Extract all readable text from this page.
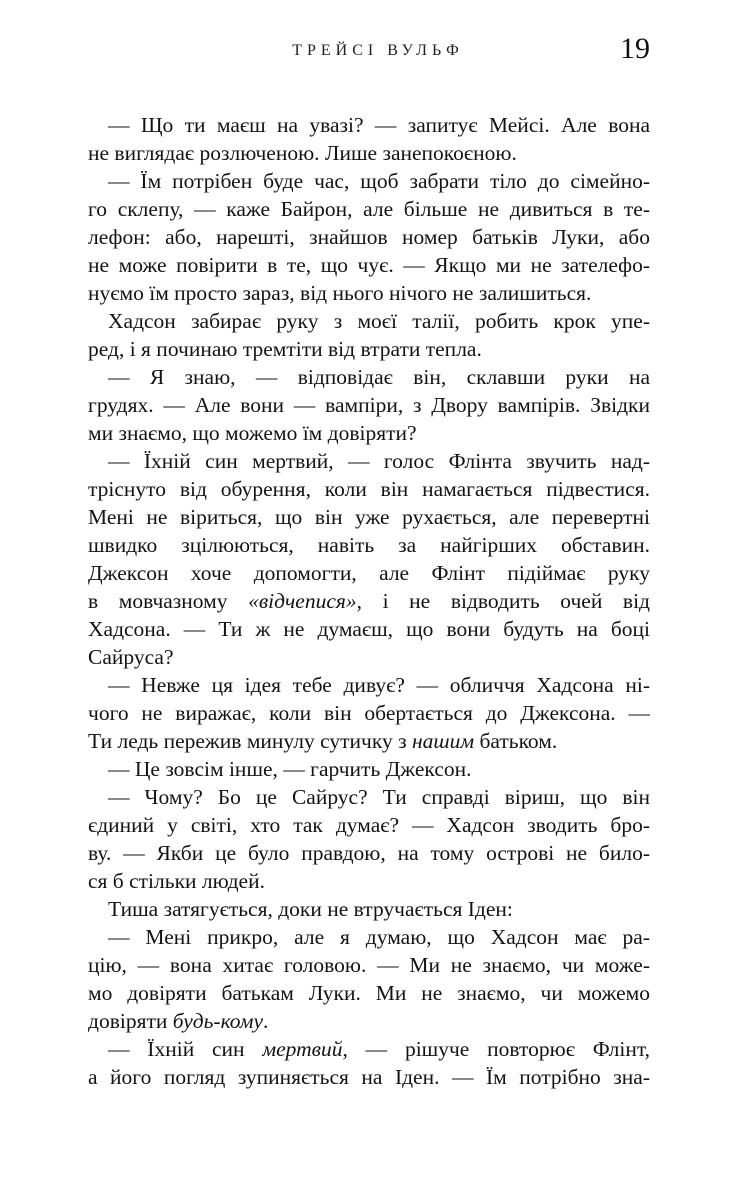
ТРЕЙСІ ВУЛЬФ	19
— Що ти маєш на увазі? — запитує Мейсі. Але вона
не виглядає розлюченою. Лише занепокоєною.
— Їм потрібен буде час, щоб забрати тіло до сімейно-
го склепу, — каже Байрон, але більше не дивиться в те-
лефон: або, нарешті, знайшов номер батьків Луки, або
не може повірити в те, що чує. — Якщо ми не зателефо-
нуємо їм просто зараз, від нього нічого не залишиться.
Хадсон забирає руку з моєї талії, робить крок упе-
ред, і я починаю тремтіти від втрати тепла.
— Я знаю, — відповідає він, склавши руки на
грудях. — Але вони — вампіри, з Двору вампірів. Звідки
ми знаємо, що можемо їм довіряти?
— Їхній син мертвий, — голос Флінта звучить над-
тріснуто від обурення, коли він намагається підвестися.
Мені не віриться, що він уже рухається, але перевертні
швидко зцілюються, навіть за найгірших обставин.
Джексон хоче допомогти, але Флінт підіймає руку
в мовчазному «відчепися», і не відводить очей від
Хадсона. — Ти ж не думаєш, що вони будуть на боці
Сайруса?
— Невже ця ідея тебе дивує? — обличчя Хадсона ні-
чого не виражає, коли він обертається до Джексона. —
Ти ледь пережив минулу сутичку з нашим батьком.
— Це зовсім інше, — гарчить Джексон.
— Чому? Бо це Сайрус? Ти справді віриш, що він
єдиний у світі, хто так думає? — Хадсон зводить бро-
ву. — Якби це було правдою, на тому острові не било-
ся б стільки людей.
Тиша затягується, доки не втручається Іден:
— Мені прикро, але я думаю, що Хадсон має ра-
цію, — вона хитає головою. — Ми не знаємо, чи може-
мо довіряти батькам Луки. Ми не знаємо, чи можемо
довіряти будь-кому.
— Їхній син мертвий, — рішуче повторює Флінт,
а його погляд зупиняється на Іден. — Їм потрібно зна-
